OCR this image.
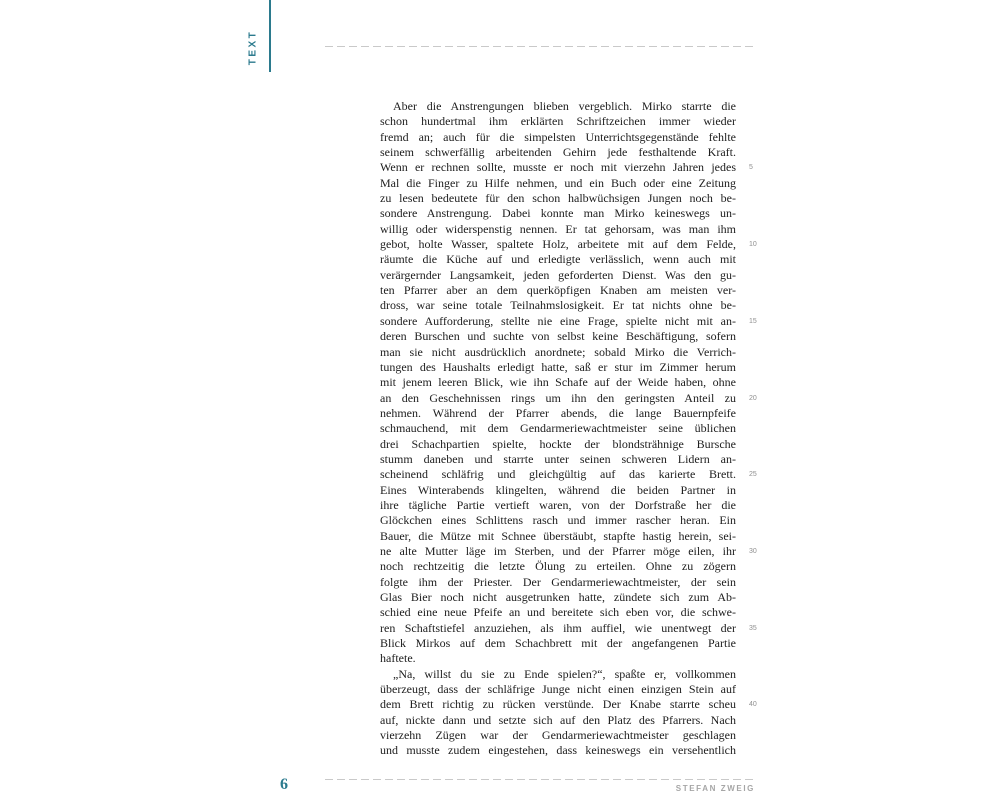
TEXT
Aber die Anstrengungen blieben vergeblich. Mirko starrte die
schon hundertmal ihm erklärten Schriftzeichen immer wieder
fremd an; auch für die simpelsten Unterrichtsgegenstände fehlte
seinem schwerfällig arbeitenden Gehirn jede festhaltende Kraft.
Wenn er rechnen sollte, musste er noch mit vierzehn Jahren jedes 5
Mal die Finger zu Hilfe nehmen, und ein Buch oder eine Zeitung
zu lesen bedeutete für den schon halbwüchsigen Jungen noch be-
sondere Anstrengung. Dabei konnte man Mirko keineswegs un-
willig oder widerspenstig nennen. Er tat gehorsam, was man ihm
gebot, holte Wasser, spaltete Holz, arbeitete mit auf dem Felde, 10
räumte die Küche auf und erledigte verlässlich, wenn auch mit
verärgernder Langsamkeit, jeden geforderten Dienst. Was den gu-
ten Pfarrer aber an dem querköpfigen Knaben am meisten ver-
dross, war seine totale Teilnahmslosigkeit. Er tat nichts ohne be-
sondere Aufforderung, stellte nie eine Frage, spielte nicht mit an- 15
deren Burschen und suchte von selbst keine Beschäftigung, sofern
man sie nicht ausdrücklich anordnete; sobald Mirko die Verrich-
tungen des Haushalts erledigt hatte, saß er stur im Zimmer herum
mit jenem leeren Blick, wie ihn Schafe auf der Weide haben, ohne
an den Geschehnissen rings um ihn den geringsten Anteil zu 20
nehmen. Während der Pfarrer abends, die lange Bauernpfeife
schmauchend, mit dem Gendarmeriewachtmeister seine üblichen
drei Schachpartien spielte, hockte der blondsträhnige Bursche
stumm daneben und starrte unter seinen schweren Lidern an-
scheinend schläfrig und gleichgültig auf das karierte Brett. 25
Eines Winterabends klingelten, während die beiden Partner in
ihre tägliche Partie vertieft waren, von der Dorfstraße her die
Glöckchen eines Schlittens rasch und immer rascher heran. Ein
Bauer, die Mütze mit Schnee überstäubt, stapfte hastig herein, sei-
ne alte Mutter läge im Sterben, und der Pfarrer möge eilen, ihr 30
noch rechtzeitig die letzte Ölung zu erteilen. Ohne zu zögern
folgte ihm der Priester. Der Gendarmeriewachtmeister, der sein
Glas Bier noch nicht ausgetrunken hatte, zündete sich zum Ab-
schied eine neue Pfeife an und bereitete sich eben vor, die schwe-
ren Schaftstiefel anzuziehen, als ihm auffiel, wie unentwegt der 35
Blick Mirkos auf dem Schachbrett mit der angefangenen Partie
haftete.
„Na, willst du sie zu Ende spielen?“, spaßte er, vollkommen
überzeugt, dass der schläfrige Junge nicht einen einzigen Stein auf
dem Brett richtig zu rücken verstünde. Der Knabe starrte scheu 40
auf, nickte dann und setzte sich auf den Platz des Pfarrers. Nach
vierzehn Zügen war der Gendarmeriewachtmeister geschlagen
und musste zudem eingestehen, dass keineswegs ein versehentlich
6	STEFAN ZWEIG
